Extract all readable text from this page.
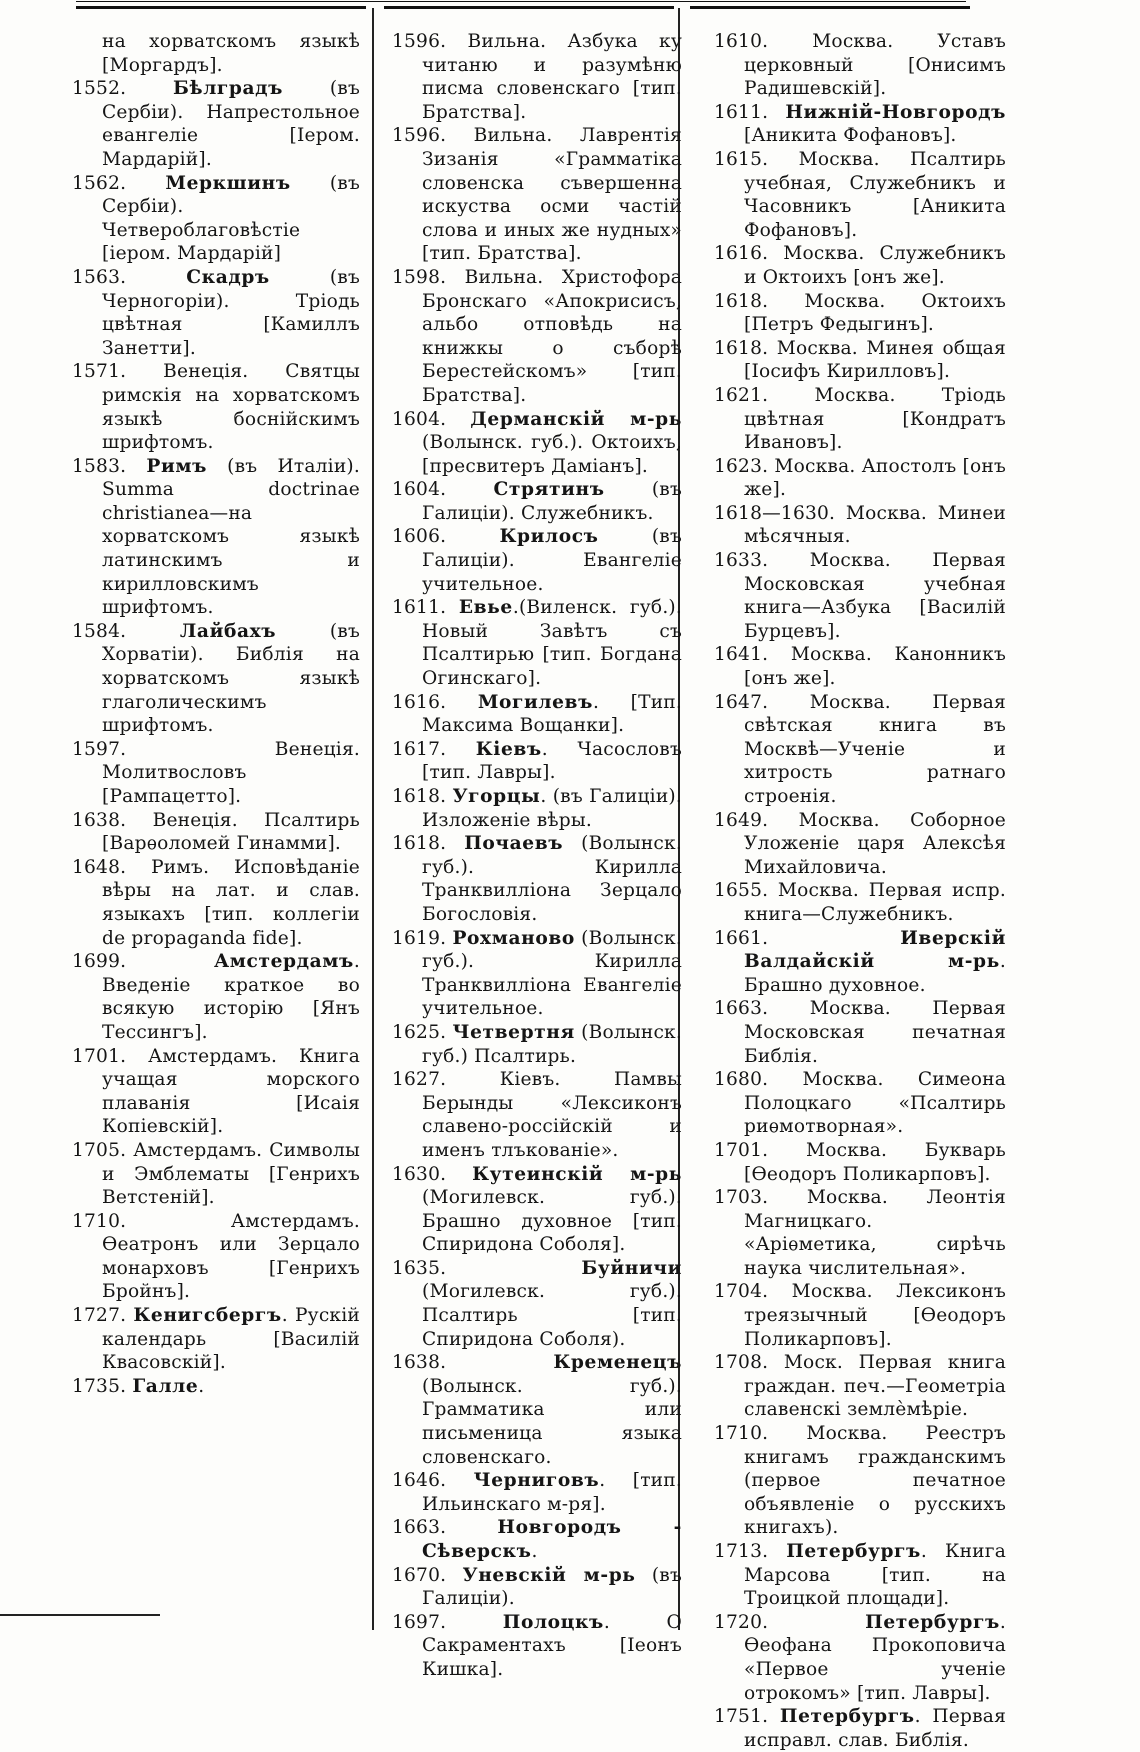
на хорватскомъ языкѣ [Моргардъ].
1552.	Бѣлградъ	(въ Сербіи). Напрестольное евангеліе [Іером. Мардарій].
1562. Меркшинъ (въ Сербіи). Четвероблаговѣстіе [іером. Мардарій]
1563.	Скадръ	(въ Черногоріи). Тріодь цвѣтная [Камиллъ Занетти].
1571. Венеція. Святцы римскія на хорватскомъ языкѣ боснійскимъ шрифтомъ.
1583. Римъ (въ Италіи). Summa doctrinae christianea—на хорватскомъ языкѣ латинскимъ и кирилловскимъ шрифтомъ.
1584.	Лайбахъ	(въ Хорватіи). Библія на хорватскомъ языкѣ глаголическимъ шрифтомъ.
1597.	Венеція. Молитвословъ [Рампацетто].
1638. Венеція. Псалтирь [Варѳоломей Гинамми].
1648. Римъ. Исповѣданіе вѣры на лат. и слав. языкахъ [тип. коллегіи de propaganda fide].
1699.	Амстердамъ. Введеніе краткое во всякую исторію [Янъ Тессингъ].
1701. Амстердамъ. Книга учащая морского плаванія [Исаія Копіевскій].
1705. Амстердамъ. Символы и Эмблематы [Генрихъ Ветстеній].
1710.	Амстердамъ. Ѳеатронъ или Зерцало монарховъ [Генрихъ Бройнъ].
1727. Кенигсбергъ. Рускій календарь [Василій Квасовскій].
1735. Галле.
1596. Вильна. Азбука ку читаню и разумѣню писма словенскаго [тип. Братства].
1596. Вильна. Лаврентія Зизанія «Грамматіка словенска съвершенна искуства осми частій слова и иных же нудных» [тип. Братства].
1598. Вильна. Христофора Бронскаго «Апокрисисъ, альбо отповѣдь на книжкы о съборѣ Берестейскомъ» [тип. Братства].
1604. Дерманскій м-рь (Волынск. губ.). Октоихъ, [пресвитеръ Даміанъ].
1604.	Стрятинъ	(въ Галиціи). Служебникъ.
1606.	Крилосъ	(въ Галиціи). Евангеліе учительное.
1611. Евье.(Виленск. губ.). Новый Завѣтъ съ Псалтирью [тип. Богдана Огинскаго].
1616. Могилевъ. [Тип. Максима Вощанки].
1617. Кіевъ. Часословъ [тип. Лавры].
1618. Угорцы. (въ Галиціи). Изложеніе вѣры.
1618. Почаевъ (Волынск. губ.). Кирилла Транквиллiона Зерцало Богословія.
1619. Рохманово (Волынск. губ.). Кирилла Транквилліона Евангеліе учительное.
1625. Четвертня (Волынск. губ.) Псалтирь.
1627.	Кіевъ. Памвы Берынды «Лексиконъ славено-россійскій и именъ тлъкованіе».
1630. Кутеинскій м-рь (Могилевск. губ.). Брашно духовное [тип. Спиридона Соболя].
1635.	Буйничи (Могилевск. губ.). Псалтирь [тип. Спиридона Соболя).
1638.	Кременецъ (Волынск. губ.). Грамматика или письменица языка словенскаго.
1646. Черниговъ. [тип. Ильинскаго м-ря].
1663.	Новгородъ - Сѣверскъ.
1670. Уневскій м-рь (въ Галиціи).
1697.	Полоцкъ. О Сакраментахъ [Іеонъ Кишка].
1610. Москва. Уставъ церковный [Онисимъ Радишевскій].
1611. Нижній-Новгородъ [Аникита Фофановъ].
1615. Москва. Псалтирь учебная, Служебникъ и Часовникъ [Аникита Фофановъ].
1616. Москва. Служебникъ и Октоихъ [онъ же].
1618. Москва. Октоихъ [Петръ Федыгинъ].
1618. Москва. Минея общая [Іосифъ Кирилловъ].
1621. Москва. Тріодь цвѣтная [Кондратъ Ивановъ].
1623. Москва. Апостолъ [онъ же].
1618—1630. Москва. Минеи мѣсячныя.
1633. Москва. Первая Московская учебная книга—Азбука [Василій Бурцевъ].
1641. Москва. Канонникъ [онъ же].
1647. Москва. Первая свѣтская книга въ Москвѣ—Ученіе и хитрость ратнаго строенія.
1649. Москва. Соборное Уложеніе царя Алексѣя Михайловича.
1655. Москва. Первая испр. книга—Служебникъ.
1661.	Иверскій Валдайскій м-рь. Брашно духовное.
1663. Москва. Первая Московская печатная Библія.
1680. Москва. Симеона Полоцкаго «Псалтирь риѳмотворная».
1701. Москва. Букварь [Ѳеодоръ Поликарповъ].
1703. Москва. Леонтія Магницкаго. «Аріѳметика, сирѣчь наука числительная».
1704. Москва. Лексиконъ треязычный [Ѳеодоръ Поликарповъ].
1708. Моск. Первая книга граждан. печ.—Геометріа славенскі землѐмѣріе.
1710. Москва. Реестръ книгамъ гражданскимъ (первое печатное объявленіе о русскихъ книгахъ).
1713. Петербургъ. Книга Марсова [тип. на Троицкой площади].
1720.	Петербургъ. Ѳеофана Прокоповича «Первое ученіе отрокомъ» [тип. Лавры].
1751. Петербургъ. Первая исправл. слав. Библія.
